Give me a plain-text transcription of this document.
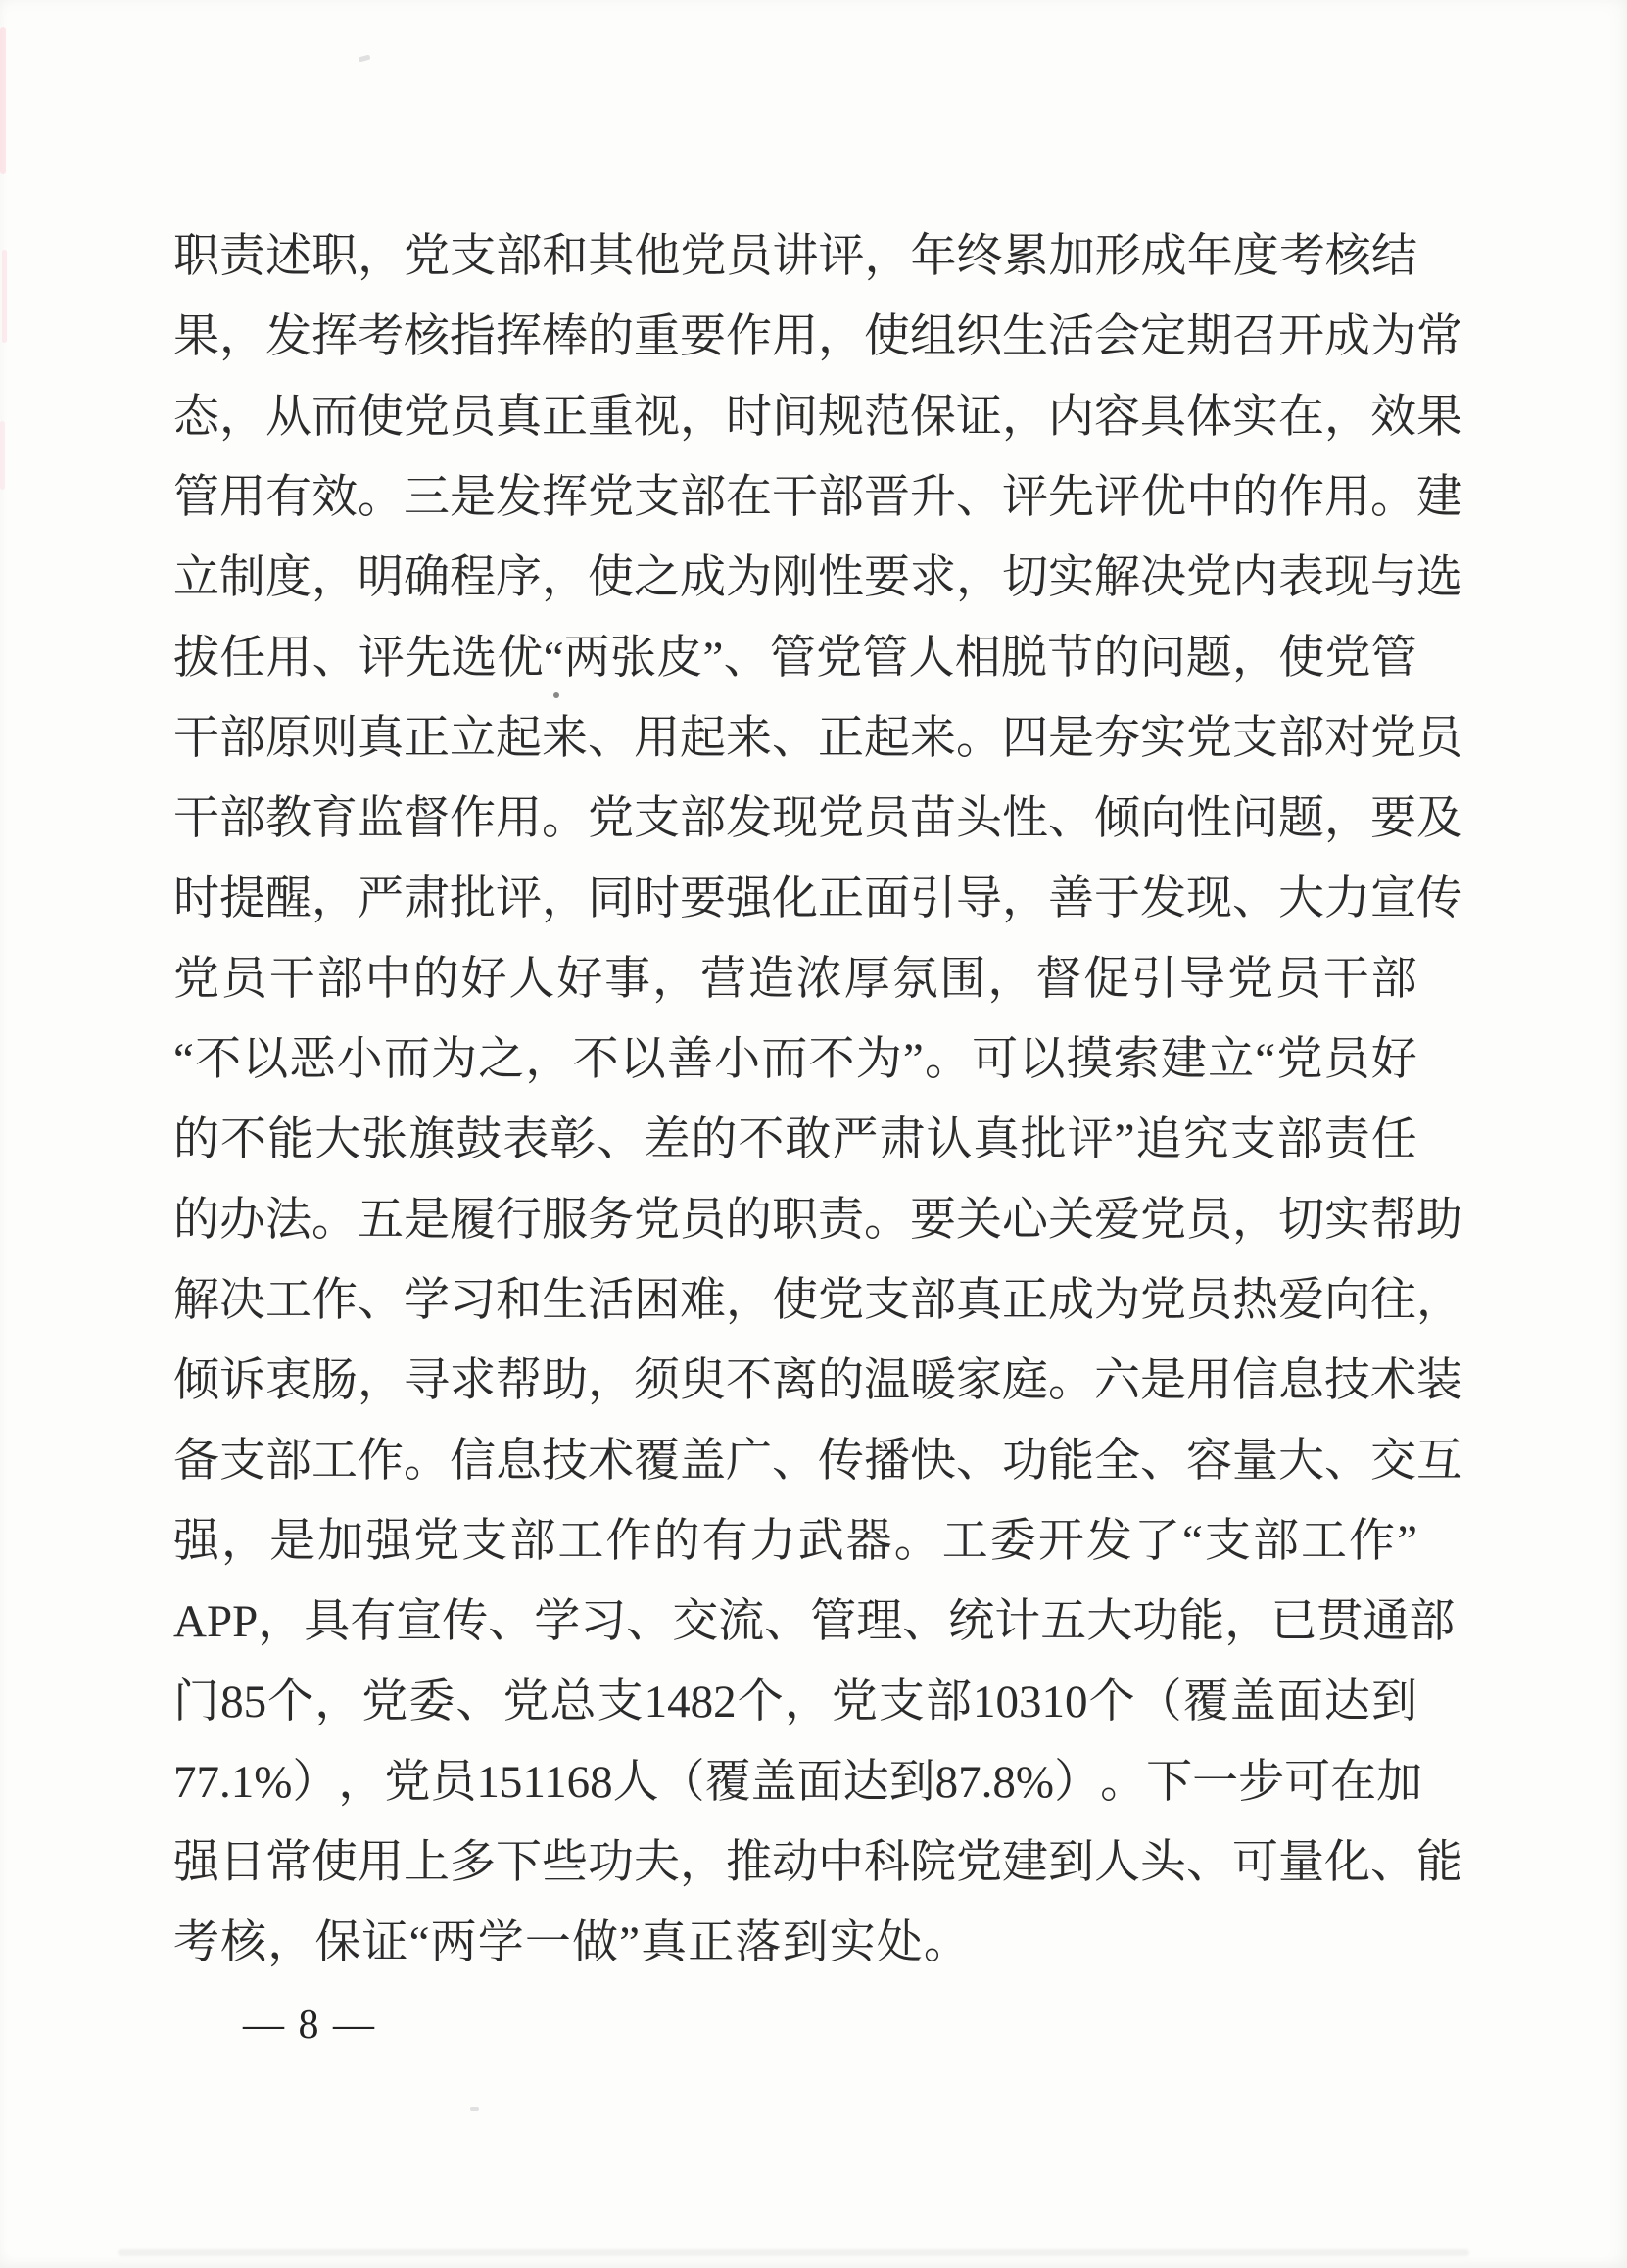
职 责 述 职 ， 党 支 部 和 其 他 党 员 讲 评 ， 年 终 累 加 形 成 年 度 考 核 结
果 ， 发 挥 考 核 指 挥 棒 的 重 要 作 用 ， 使 组 织 生 活 会 定 期 召 开 成 为 常
态 ， 从 而 使 党 员 真 正 重 视 ， 时 间 规 范 保 证 ， 内 容 具 体 实 在 ， 效 果
管 用 有 效 。 三 是 发 挥 党 支 部 在 干 部 晋 升 、 评 先 评 优 中 的 作 用 。 建
立 制 度 ， 明 确 程 序 ， 使 之 成 为 刚 性 要 求 ， 切 实 解 决 党 内 表 现 与 选
拔 任 用 、 评 先 选 优 “ 两 张 皮 ” 、 管 党 管 人 相 脱 节 的 问 题 ， 使 党 管
干 部 原 则 真 正 立 起 来 、 用 起 来 、 正 起 来 。 四 是 夯 实 党 支 部 对 党 员
干 部 教 育 监 督 作 用 。 党 支 部 发 现 党 员 苗 头 性 、 倾 向 性 问 题 ， 要 及
时 提 醒 ， 严 肃 批 评 ， 同 时 要 强 化 正 面 引 导 ， 善 于 发 现 、 大 力 宣 传
党 员 干 部 中 的 好 人 好 事 ， 营 造 浓 厚 氛 围 ， 督 促 引 导 党 员 干 部
“ 不 以 恶 小 而 为 之 ， 不 以 善 小 而 不 为 ” 。 可 以 摸 索 建 立 “ 党 员 好
的 不 能 大 张 旗 鼓 表 彰 、 差 的 不 敢 严 肃 认 真 批 评 ” 追 究 支 部 责 任
的 办 法 。 五 是 履 行 服 务 党 员 的 职 责 。 要 关 心 关 爱 党 员 ， 切 实 帮 助
解 决 工 作 、 学 习 和 生 活 困 难 ， 使 党 支 部 真 正 成 为 党 员 热 爱 向 往 ，
倾 诉 衷 肠 ， 寻 求 帮 助 ， 须 臾 不 离 的 温 暖 家 庭 。 六 是 用 信 息 技 术 装
备 支 部 工 作 。 信 息 技 术 覆 盖 广 、 传 播 快 、 功 能 全 、 容 量 大 、 交 互
强 ， 是 加 强 党 支 部 工 作 的 有 力 武 器 。 工 委 开 发 了 “ 支 部 工 作 ”
APP ， 具 有 宣 传 、 学 习 、 交 流 、 管 理 、 统 计 五 大 功 能 ， 已 贯 通 部
门 85 个 ， 党 委 、 党 总 支 1482 个 ， 党 支 部 10310 个 （ 覆 盖 面 达 到
77.1% ） ， 党 员 151168 人 （ 覆 盖 面 达 到 87.8% ） 。 下 一 步 可 在 加
强 日 常 使 用 上 多 下 些 功 夫 ， 推 动 中 科 院 党 建 到 人 头 、 可 量 化 、 能
考 核 ， 保 证 “ 两 学 一 做 ” 真 正 落 到 实 处 。
— 8 —
